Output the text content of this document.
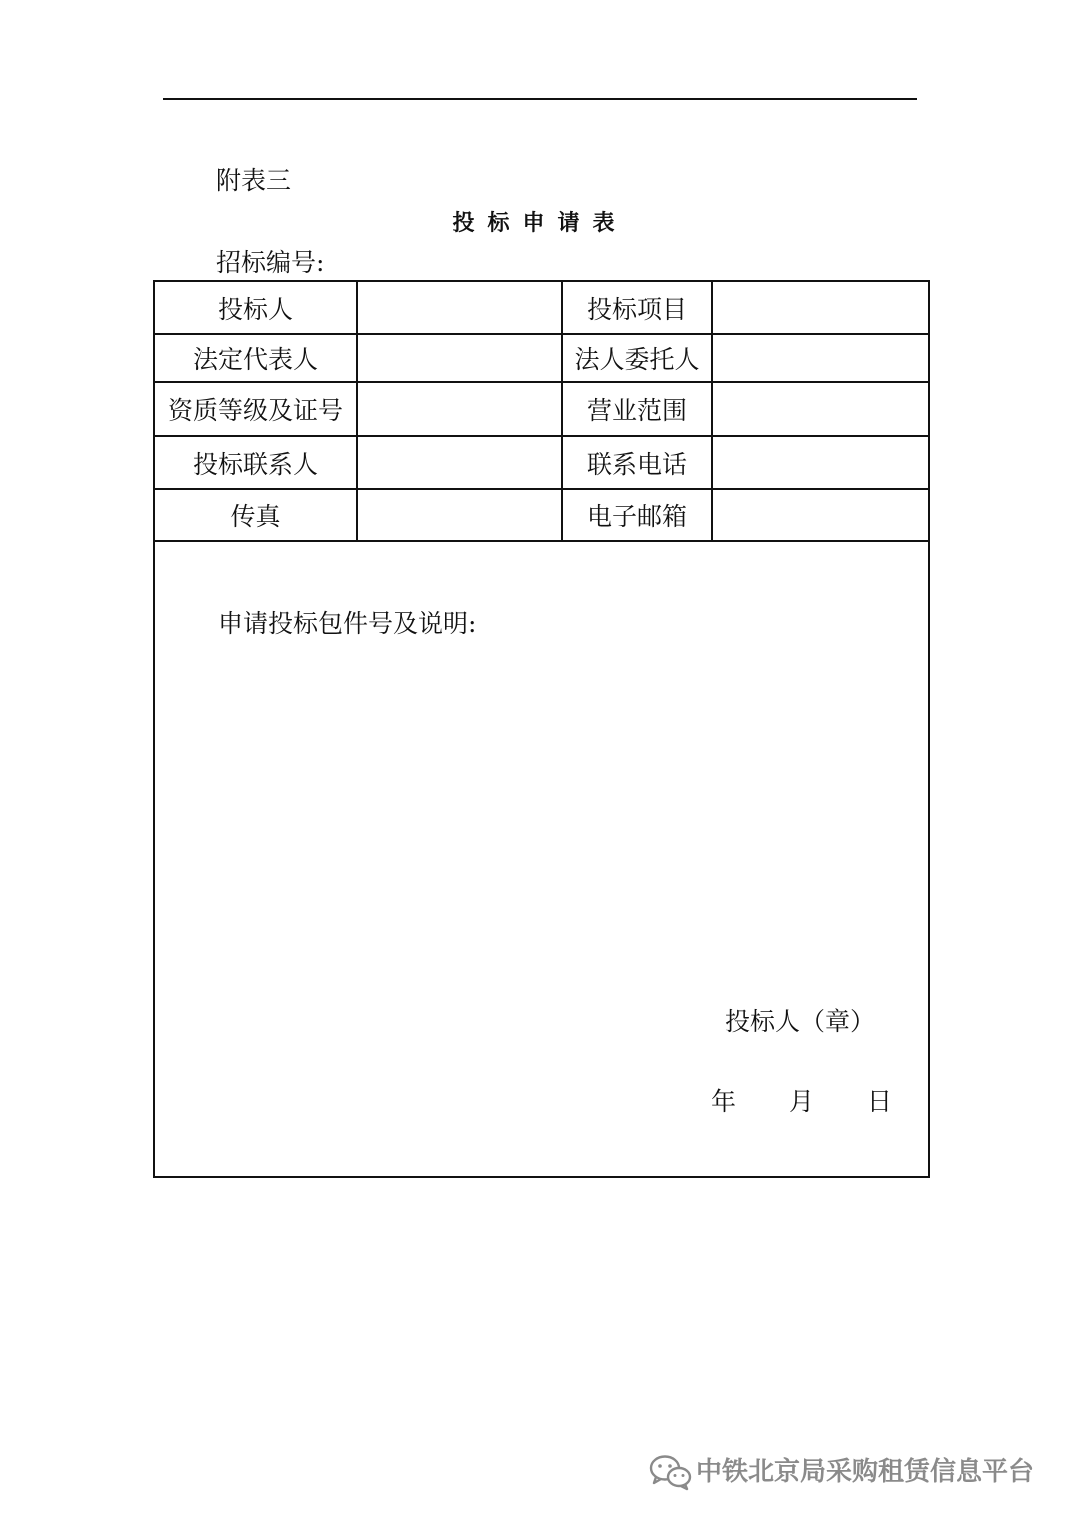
附表三
投标申请表
招标编号:
投标人		投标项目	
法定代表人		法人委托人	
资质等级及证号		营业范围	
投标联系人		联系电话	
传真		电子邮箱	

申请投标包件号及说明:
投标人（章）
年 月 日			
中铁北京局采购租赁信息平台
